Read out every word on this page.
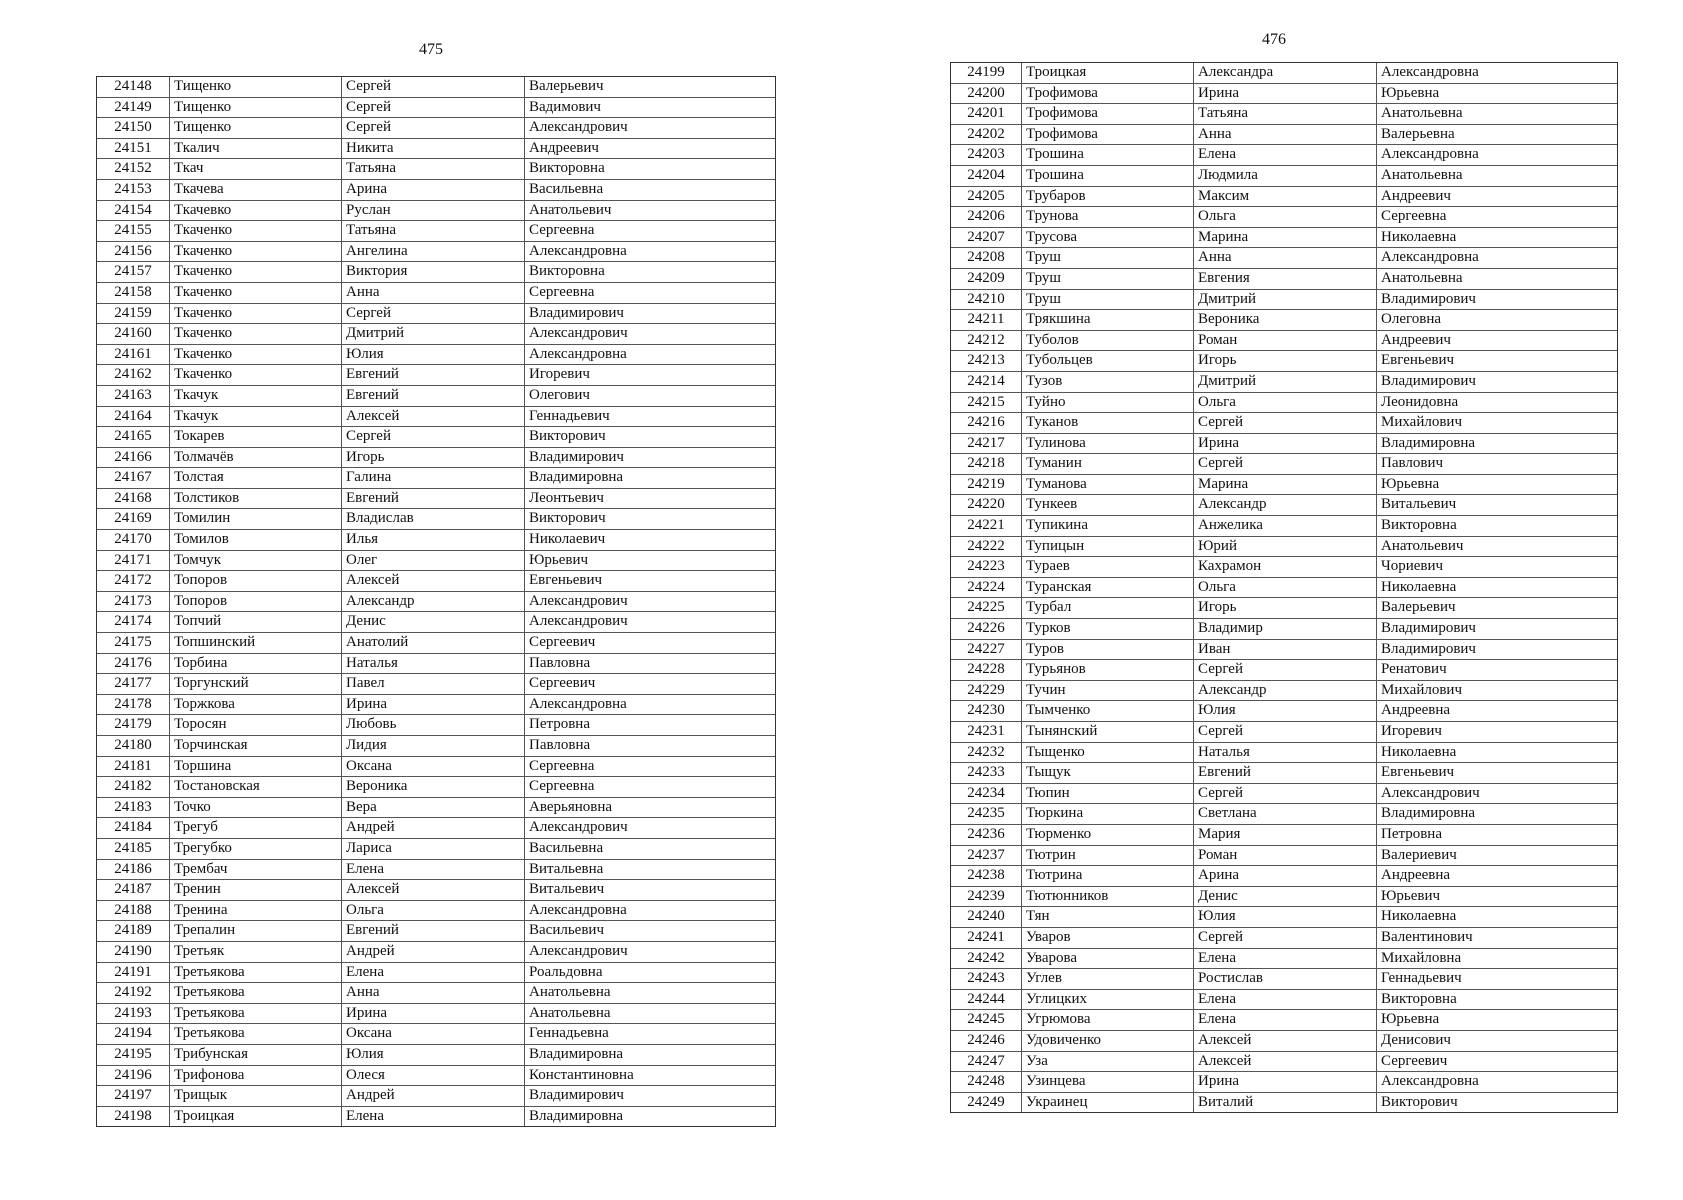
475
24148	Тищенко	Сергей	Валерьевич
24149	Тищенко	Сергей	Вадимович
24150	Тищенко	Сергей	Александрович
24151	Ткалич	Никита	Андреевич
24152	Ткач	Татьяна	Викторовна
24153	Ткачева	Арина	Васильевна
24154	Ткачевко	Руслан	Анатольевич
24155	Ткаченко	Татьяна	Сергеевна
24156	Ткаченко	Ангелина	Александровна
24157	Ткаченко	Виктория	Викторовна
24158	Ткаченко	Анна	Сергеевна
24159	Ткаченко	Сергей	Владимирович
24160	Ткаченко	Дмитрий	Александрович
24161	Ткаченко	Юлия	Александровна
24162	Ткаченко	Евгений	Игоревич
24163	Ткачук	Евгений	Олегович
24164	Ткачук	Алексей	Геннадьевич
24165	Токарев	Сергей	Викторович
24166	Толмачёв	Игорь	Владимирович
24167	Толстая	Галина	Владимировна
24168	Толстиков	Евгений	Леонтьевич
24169	Томилин	Владислав	Викторович
24170	Томилов	Илья	Николаевич
24171	Томчук	Олег	Юрьевич
24172	Топоров	Алексей	Евгеньевич
24173	Топоров	Александр	Александрович
24174	Топчий	Денис	Александрович
24175	Топшинский	Анатолий	Сергеевич
24176	Торбина	Наталья	Павловна
24177	Торгунский	Павел	Сергеевич
24178	Торжкова	Ирина	Александровна
24179	Торосян	Любовь	Петровна
24180	Торчинская	Лидия	Павловна
24181	Торшина	Оксана	Сергеевна
24182	Тостановская	Вероника	Сергеевна
24183	Точко	Вера	Аверьяновна
24184	Трегуб	Андрей	Александрович
24185	Трегубко	Лариса	Васильевна
24186	Трембач	Елена	Витальевна
24187	Тренин	Алексей	Витальевич
24188	Тренина	Ольга	Александровна
24189	Трепалин	Евгений	Васильевич
24190	Третьяк	Андрей	Александрович
24191	Третьякова	Елена	Роальдовна
24192	Третьякова	Анна	Анатольевна
24193	Третьякова	Ирина	Анатольевна
24194	Третьякова	Оксана	Геннадьевна
24195	Трибунская	Юлия	Владимировна
24196	Трифонова	Олеся	Константиновна
24197	Трищык	Андрей	Владимирович
24198	Троицкая	Елена	Владимировна
476
24199	Троицкая	Александра	Александровна
24200	Трофимова	Ирина	Юрьевна
24201	Трофимова	Татьяна	Анатольевна
24202	Трофимова	Анна	Валерьевна
24203	Трошина	Елена	Александровна
24204	Трошина	Людмила	Анатольевна
24205	Трубаров	Максим	Андреевич
24206	Трунова	Ольга	Сергеевна
24207	Трусова	Марина	Николаевна
24208	Труш	Анна	Александровна
24209	Труш	Евгения	Анатольевна
24210	Труш	Дмитрий	Владимирович
24211	Трякшина	Вероника	Олеговна
24212	Туболов	Роман	Андреевич
24213	Тубольцев	Игорь	Евгеньевич
24214	Тузов	Дмитрий	Владимирович
24215	Туйно	Ольга	Леонидовна
24216	Туканов	Сергей	Михайлович
24217	Тулинова	Ирина	Владимировна
24218	Туманин	Сергей	Павлович
24219	Туманова	Марина	Юрьевна
24220	Тункеев	Александр	Витальевич
24221	Тупикина	Анжелика	Викторовна
24222	Тупицын	Юрий	Анатольевич
24223	Тураев	Кахрамон	Чориевич
24224	Туранская	Ольга	Николаевна
24225	Турбал	Игорь	Валерьевич
24226	Турков	Владимир	Владимирович
24227	Туров	Иван	Владимирович
24228	Турьянов	Сергей	Ренатович
24229	Тучин	Александр	Михайлович
24230	Тымченко	Юлия	Андреевна
24231	Тынянский	Сергей	Игоревич
24232	Тыщенко	Наталья	Николаевна
24233	Тыщук	Евгений	Евгеньевич
24234	Тюпин	Сергей	Александрович
24235	Тюркина	Светлана	Владимировна
24236	Тюрменко	Мария	Петровна
24237	Тютрин	Роман	Валериевич
24238	Тютрина	Арина	Андреевна
24239	Тютюнников	Денис	Юрьевич
24240	Тян	Юлия	Николаевна
24241	Уваров	Сергей	Валентинович
24242	Уварова	Елена	Михайловна
24243	Углев	Ростислав	Геннадьевич
24244	Углицких	Елена	Викторовна
24245	Угрюмова	Елена	Юрьевна
24246	Удовиченко	Алексей	Денисович
24247	Уза	Алексей	Сергеевич
24248	Узинцева	Ирина	Александровна
24249	Украинец	Виталий	Викторович
